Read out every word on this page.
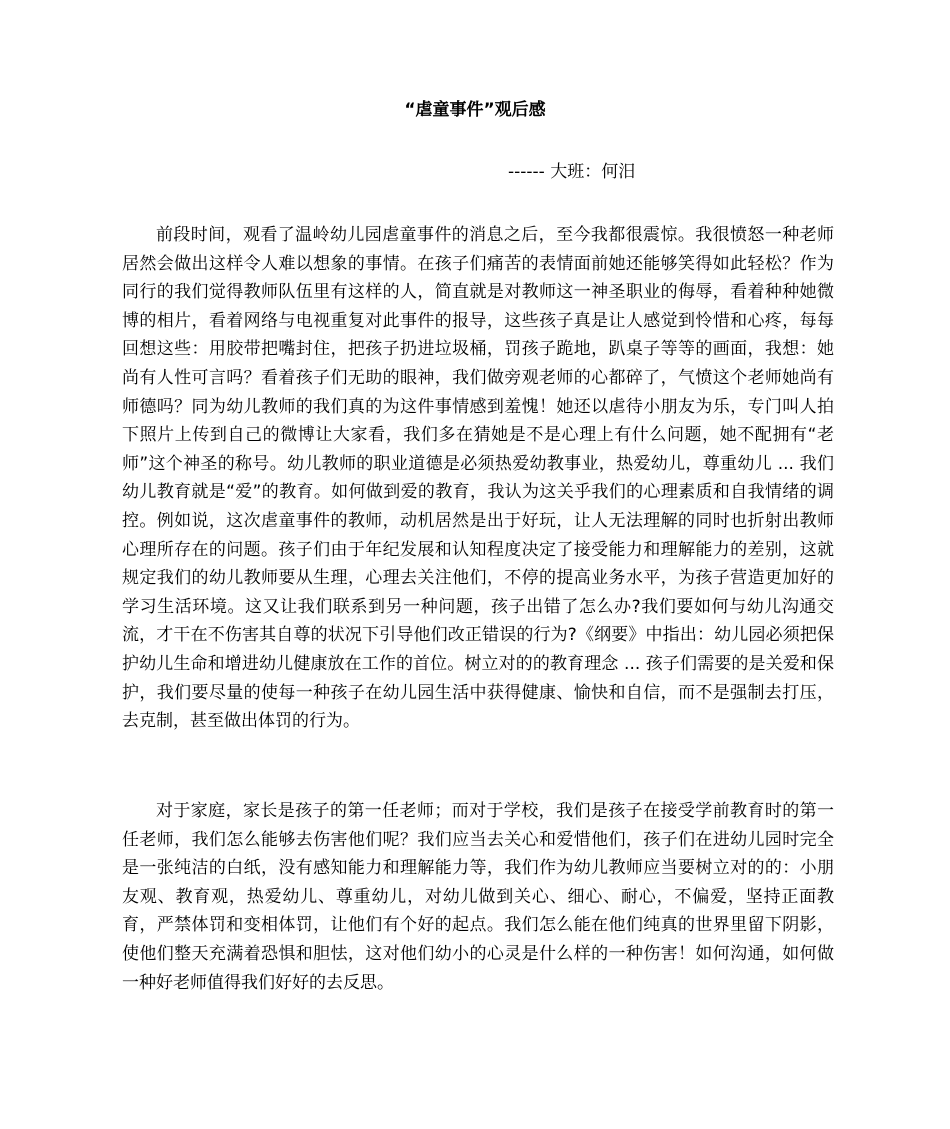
“虐童事件”观后感
------ 大班：何汨

前段时间，观看了温岭幼儿园虐童事件的消息之后，至今我都很震惊。我很愤怒一种老师居然会做出这样令人难以想象的事情。在孩子们痛苦的表情面前她还能够笑得如此轻松？作为同行的我们觉得教师队伍里有这样的人，简直就是对教师这一神圣职业的侮辱，看着种种她微博的相片，看着网络与电视重复对此事件的报导，这些孩子真是让人感觉到怜惜和心疼，每每回想这些：用胶带把嘴封住，把孩子扔进垃圾桶，罚孩子跪地，趴桌子等等的画面，我想：她尚有人性可言吗？看着孩子们无助的眼神，我们做旁观老师的心都碎了，气愤这个老师她尚有师德吗？同为幼儿教师的我们真的为这件事情感到羞愧！她还以虐待小朋友为乐，专门叫人拍下照片上传到自己的微博让大家看，我们多在猜她是不是心理上有什么问题，她不配拥有“老师”这个神圣的称号。幼儿教师的职业道德是必须热爱幼教事业，热爱幼儿，尊重幼儿 ... 我们幼儿教育就是“爱”的教育。如何做到爱的教育，我认为这关乎我们的心理素质和自我情绪的调控。例如说，这次虐童事件的教师，动机居然是出于好玩，让人无法理解的同时也折射出教师心理所存在的问题。孩子们由于年纪发展和认知程度决定了接受能力和理解能力的差别，这就规定我们的幼儿教师要从生理，心理去关注他们，不停的提高业务水平，为孩子营造更加好的学习生活环境。这又让我们联系到另一种问题，孩子出错了怎么办?我们要如何与幼儿沟通交流，才干在不伤害其自尊的状况下引导他们改正错误的行为?《纲要》中指出：幼儿园必须把保护幼儿生命和增进幼儿健康放在工作的首位。树立对的的教育理念 ... 孩子们需要的是关爱和保护，我们要尽量的使每一种孩子在幼儿园生活中获得健康、愉快和自信，而不是强制去打压，去克制，甚至做出体罚的行为。

对于家庭，家长是孩子的第一任老师；而对于学校，我们是孩子在接受学前教育时的第一任老师，我们怎么能够去伤害他们呢？我们应当去关心和爱惜他们，孩子们在进幼儿园时完全是一张纯洁的白纸，没有感知能力和理解能力等，我们作为幼儿教师应当要树立对的的：小朋友观、教育观，热爱幼儿、尊重幼儿，对幼儿做到关心、细心、耐心，不偏爱，坚持正面教育，严禁体罚和变相体罚，让他们有个好的起点。我们怎么能在他们纯真的世界里留下阴影，使他们整天充满着恐惧和胆怯，这对他们幼小的心灵是什么样的一种伤害！如何沟通，如何做一种好老师值得我们好好的去反思。
